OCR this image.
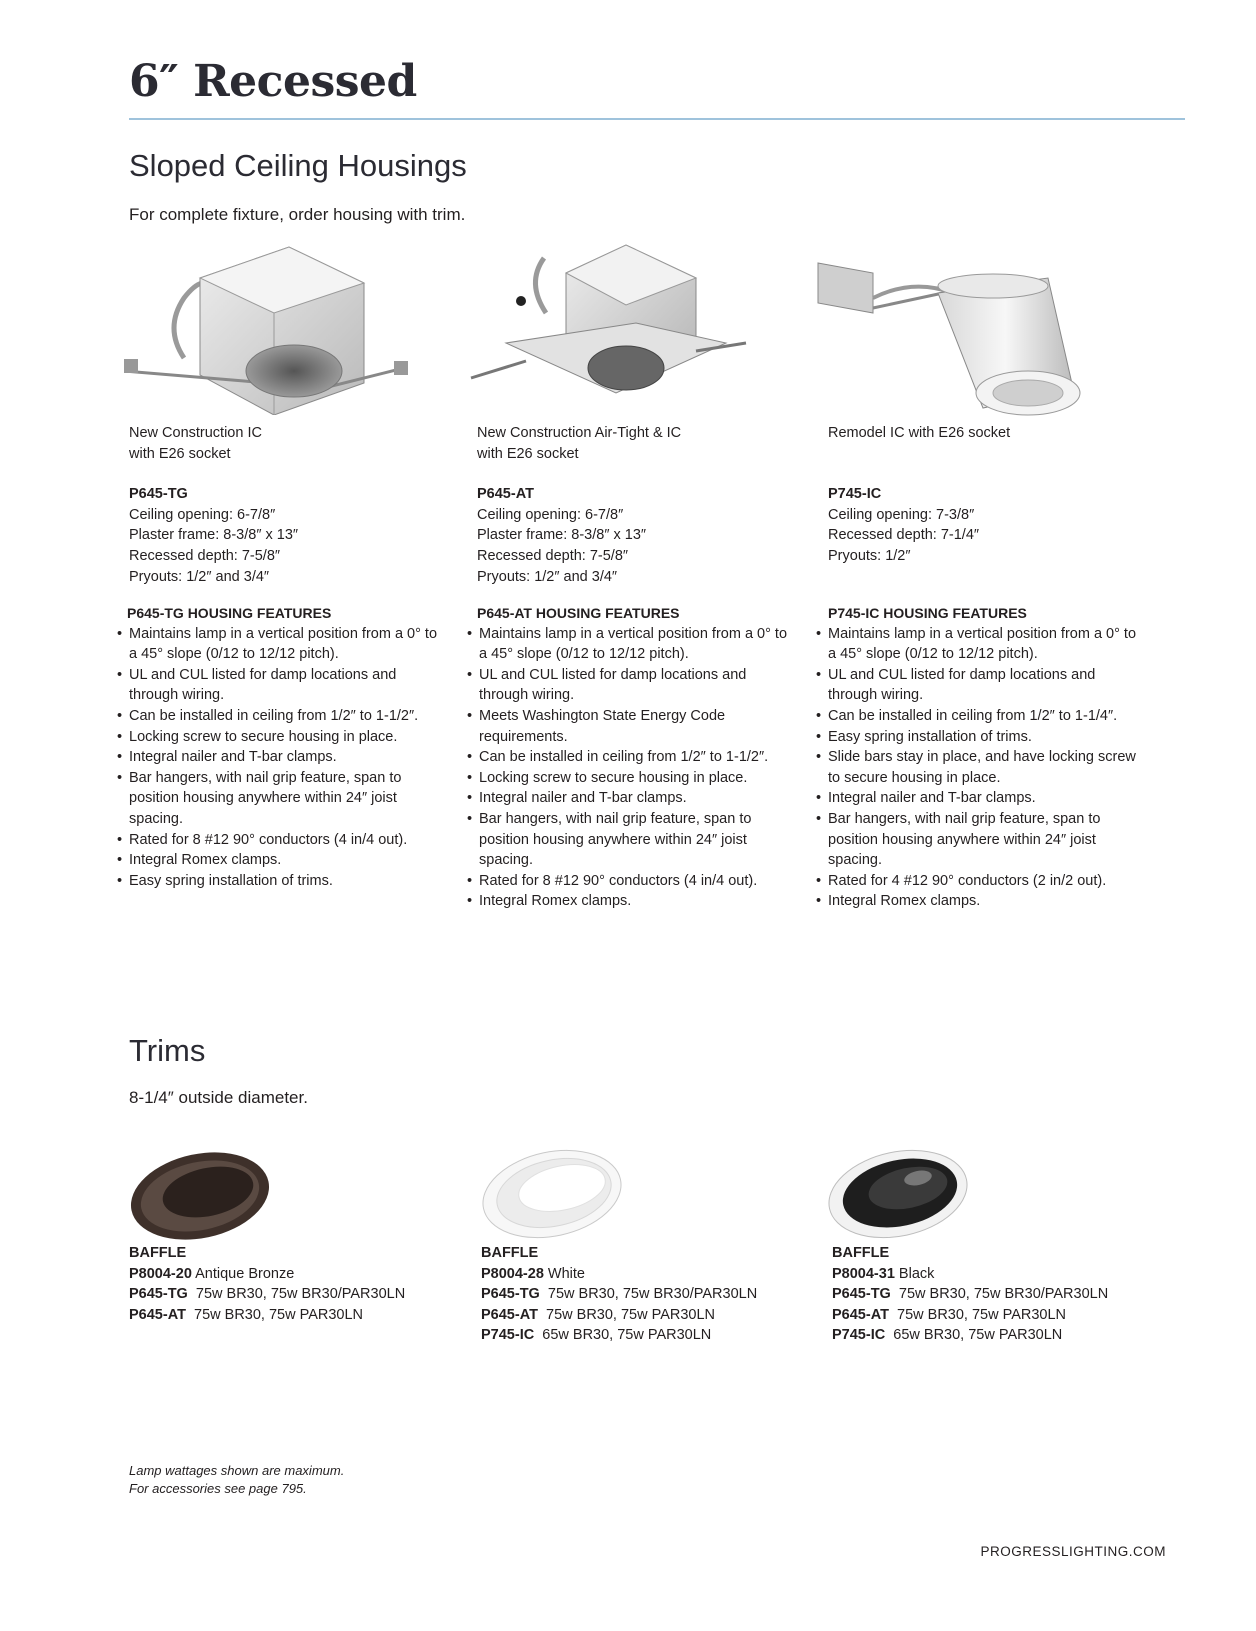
6″ Recessed
Sloped Ceiling Housings
For complete fixture, order housing with trim.
New Construction IC
with E26 socket
P645-TG
Ceiling opening: 6-7/8″
Plaster frame: 8-3/8″ x 13″
Recessed depth: 7-5/8″
Pryouts: 1/2″ and 3/4″
P645-TG HOUSING FEATURES
• Maintains lamp in a vertical position from a 0° to a 45° slope (0/12 to 12/12 pitch).
• UL and CUL listed for damp locations and through wiring.
• Can be installed in ceiling from 1/2″ to 1-1/2″.
• Locking screw to secure housing in place.
• Integral nailer and T-bar clamps.
• Bar hangers, with nail grip feature, span to position housing anywhere within 24″ joist spacing.
• Rated for 8 #12 90° conductors (4 in/4 out).
• Integral Romex clamps.
• Easy spring installation of trims.
New Construction Air-Tight & IC
with E26 socket
P645-AT
Ceiling opening: 6-7/8″
Plaster frame: 8-3/8″ x 13″
Recessed depth: 7-5/8″
Pryouts: 1/2″ and 3/4″
P645-AT HOUSING FEATURES
• Maintains lamp in a vertical position from a 0° to a 45° slope (0/12 to 12/12 pitch).
• UL and CUL listed for damp locations and through wiring.
• Meets Washington State Energy Code requirements.
• Can be installed in ceiling from 1/2″ to 1-1/2″.
• Locking screw to secure housing in place.
• Integral nailer and T-bar clamps.
• Bar hangers, with nail grip feature, span to position housing anywhere within 24″ joist spacing.
• Rated for 8 #12 90° conductors (4 in/4 out).
• Integral Romex clamps.
Remodel IC with E26 socket
P745-IC
Ceiling opening: 7-3/8″
Recessed depth: 7-1/4″
Pryouts: 1/2″
P745-IC HOUSING FEATURES
• Maintains lamp in a vertical position from a 0° to a 45° slope (0/12 to 12/12 pitch).
• UL and CUL listed for damp locations and through wiring.
• Can be installed in ceiling from 1/2″ to 1-1/4″.
• Easy spring installation of trims.
• Slide bars stay in place, and have locking screw to secure housing in place.
• Integral nailer and T-bar clamps.
• Bar hangers, with nail grip feature, span to position housing anywhere within 24″ joist spacing.
• Rated for 4 #12 90° conductors (2 in/2 out).
• Integral Romex clamps.
Trims
8-1/4″ outside diameter.
BAFFLE
P8004-20 Antique Bronze
P645-TG 75w BR30, 75w BR30/PAR30LN
P645-AT 75w BR30, 75w PAR30LN
BAFFLE
P8004-28 White
P645-TG 75w BR30, 75w BR30/PAR30LN
P645-AT 75w BR30, 75w PAR30LN
P745-IC 65w BR30, 75w PAR30LN
BAFFLE
P8004-31 Black
P645-TG 75w BR30, 75w BR30/PAR30LN
P645-AT 75w BR30, 75w PAR30LN
P745-IC 65w BR30, 75w PAR30LN
Lamp wattages shown are maximum.
For accessories see page 795.
PROGRESSLIGHTING.COM
